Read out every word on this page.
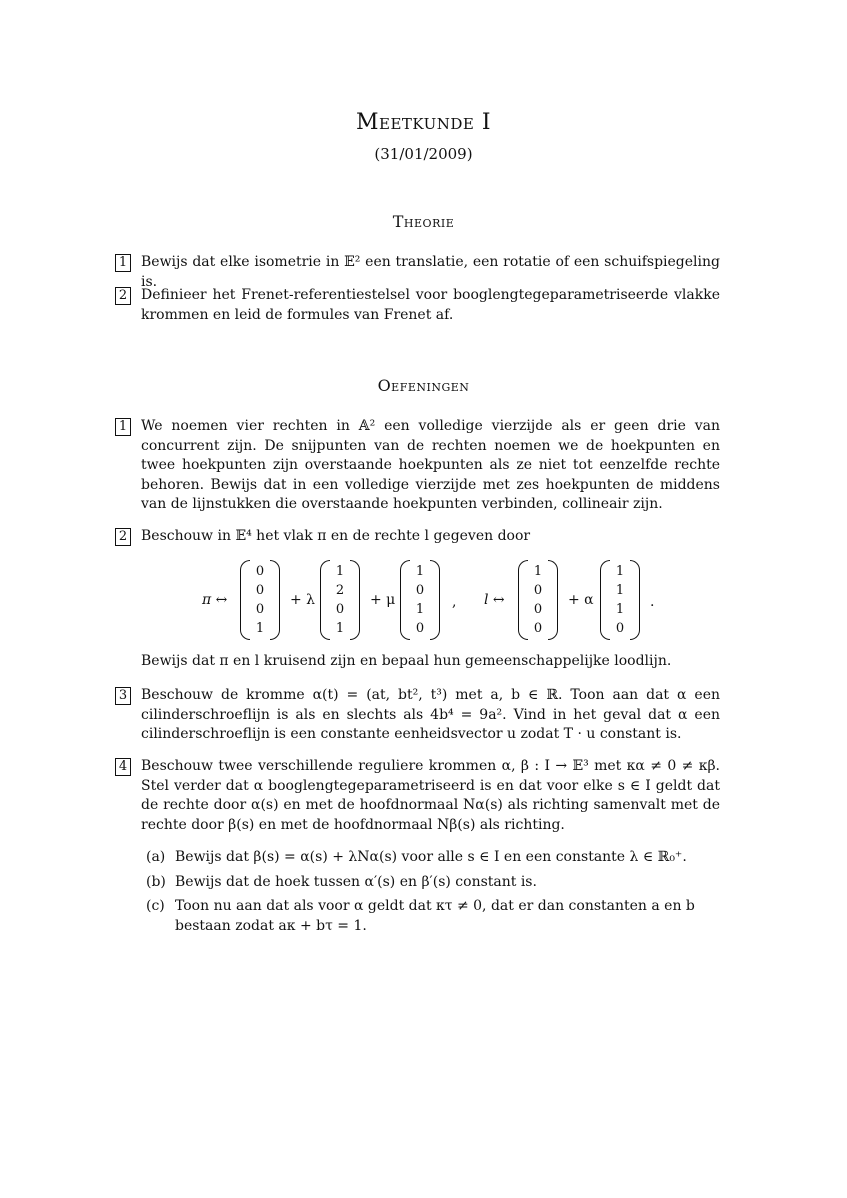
Meetkunde I
(31/01/2009)
Theorie
1 Bewijs dat elke isometrie in 𝔼² een translatie, een rotatie of een schuifspiegeling is.
2 Definieer het Frenet-referentiestelsel voor booglengtegeparametriseerde vlakke krommen en leid de formules van Frenet af.
Oefeningen
1 We noemen vier rechten in 𝔸² een volledige vierzijde als er geen drie van concurrent zijn. De snijpunten van de rechten noemen we de hoekpunten en twee hoekpunten zijn overstaande hoekpunten als ze niet tot eenzelfde rechte behoren. Bewijs dat in een volledige vierzijde met zes hoekpunten de middens van de lijnstukken die overstaande hoekpunten verbinden, collineair zijn.
2 Beschouw in 𝔼⁴ het vlak π en de rechte l gegeven door
π ↔
0
0
0
1
+ λ
1
2
0
1
+ μ
1
0
1
0
, l ↔
1
0
0
0
+ α
1
1
1
0
.
Bewijs dat π en l kruisend zijn en bepaal hun gemeenschappelijke loodlijn.
3 Beschouw de kromme α(t) = (at, bt², t³) met a, b ∈ ℝ. Toon aan dat α een cilinderschroeflijn is als en slechts als 4b⁴ = 9a². Vind in het geval dat α een cilinderschroeflijn is een constante eenheidsvector u zodat T · u constant is.
4 Beschouw twee verschillende reguliere krommen α, β : I → 𝔼³ met κα ≠ 0 ≠ κβ. Stel verder dat α booglengtegeparametriseerd is en dat voor elke s ∈ I geldt dat de rechte door α(s) en met de hoofdnormaal Nα(s) als richting samenvalt met de rechte door β(s) en met de hoofdnormaal Nβ(s) als richting.
(a) Bewijs dat β(s) = α(s) + λNα(s) voor alle s ∈ I en een constante λ ∈ ℝ₀⁺.
(b) Bewijs dat de hoek tussen α′(s) en β′(s) constant is.
(c) Toon nu aan dat als voor α geldt dat κτ ≠ 0, dat er dan constanten a en b bestaan zodat aκ + bτ = 1.
